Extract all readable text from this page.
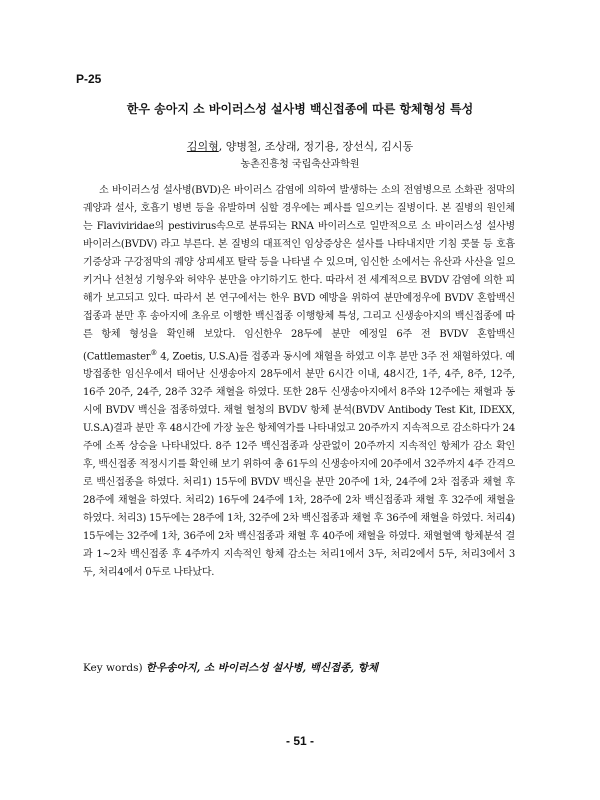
P-25
한우 송아지 소 바이러스성 설사병 백신접종에 따른 항체형성 특성
김의형, 양병철, 조상래, 정기용, 장선식, 김시동
농촌진흥청 국립축산과학원
소 바이러스성 설사병(BVD)은 바이러스 감염에 의하여 발생하는 소의 전염병으로 소화관 점막의 궤양과 설사, 호흡기 병변 등을 유발하며 심할 경우에는 폐사를 일으키는 질병이다. 본 질병의 원인체는 Flaviviridae의 pestivirus속으로 분류되는 RNA 바이러스로 일반적으로 소 바이러스성 설사병 바이러스(BVDV) 라고 부른다. 본 질병의 대표적인 임상증상은 설사를 나타내지만 기침 콧물 등 호흡기증상과 구강점막의 궤양 상피세포 탈락 등을 나타낼 수 있으며, 임신한 소에서는 유산과 사산을 일으키거나 선천성 기형우와 허약우 분만을 야기하기도 한다. 따라서 전 세계적으로 BVDV 감염에 의한 피해가 보고되고 있다. 따라서 본 연구에서는 한우 BVD 예방을 위하여 분만예정우에 BVDV 혼합백신 접종과 분만 후 송아지에 초유로 이행한 백신접종 이행항체 특성, 그리고 신생송아지의 백신접종에 따른 항체 형성을 확인해 보았다. 임신한우 28두에 분만 예정일 6주 전 BVDV 혼합백신(Cattlemaster® 4, Zoetis, U.S.A)를 접종과 동시에 채혈을 하였고 이후 분만 3주 전 채혈하였다. 예방접종한 임신우에서 태어난 신생송아지 28두에서 분만 6시간 이내, 48시간, 1주, 4주, 8주, 12주, 16주 20주, 24주, 28주 32주 채혈을 하였다. 또한 28두 신생송아지에서 8주와 12주에는 채혈과 동시에 BVDV 백신을 접종하였다. 채혈 혈청의 BVDV 항체 분석(BVDV Antibody Test Kit, IDEXX, U.S.A)결과 분만 후 48시간에 가장 높은 항체역가를 나타내었고 20주까지 지속적으로 감소하다가 24주에 소폭 상승을 나타내었다. 8주 12주 백신접종과 상관없이 20주까지 지속적인 항체가 감소 확인 후, 백신접종 적정시기를 확인해 보기 위하여 총 61두의 신생송아지에 20주에서 32주까지 4주 간격으로 백신접종을 하였다. 처리1) 15두에 BVDV 백신을 분만 20주에 1차, 24주에 2차 접종과 채혈 후 28주에 채혈을 하였다. 처리2) 16두에 24주에 1차, 28주에 2차 백신접종과 채혈 후 32주에 채혈을 하였다. 처리3) 15두에는 28주에 1차, 32주에 2차 백신접종과 채혈 후 36주에 채혈을 하였다. 처리4) 15두에는 32주에 1차, 36주에 2차 백신접종과 채혈 후 40주에 채혈을 하였다. 채혈혈액 항체분석 결과 1~2차 백신접종 후 4주까지 지속적인 항체 감소는 처리1에서 3두, 처리2에서 5두, 처리3에서 3두, 처리4에서 0두로 나타났다.
Key words) 한우송아지, 소 바이러스성 설사병, 백신접종, 항체
- 51 -
